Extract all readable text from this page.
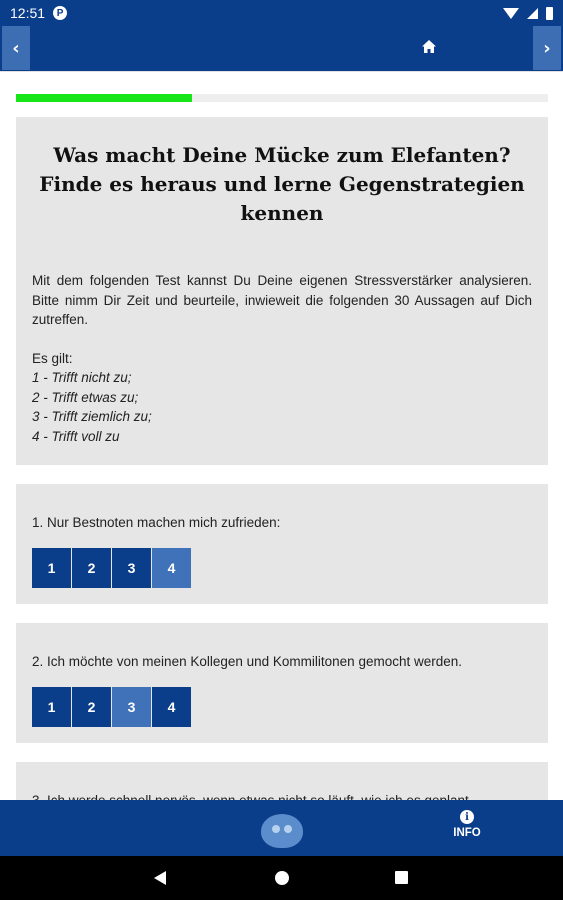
12:51	P
‹	›
Was macht Deine Mücke zum Elefanten? Finde es heraus und lerne Gegenstrategien kennen

Mit dem folgenden Test kannst Du Deine eigenen Stressverstärker analysieren. Bitte nimm Dir Zeit und beurteile, inwieweit die folgenden 30 Aussagen auf Dich zutreffen.

Es gilt:

1 - Trifft nicht zu;

2 - Trifft etwas zu;

3 - Trifft ziemlich zu;

4 - Trifft voll zu

1. Nur Bestnoten machen mich zufrieden:

1	2	3	4

2. Ich möchte von meinen Kollegen und Kommilitonen gemocht werden.

1	2	3	4

i
INFO
